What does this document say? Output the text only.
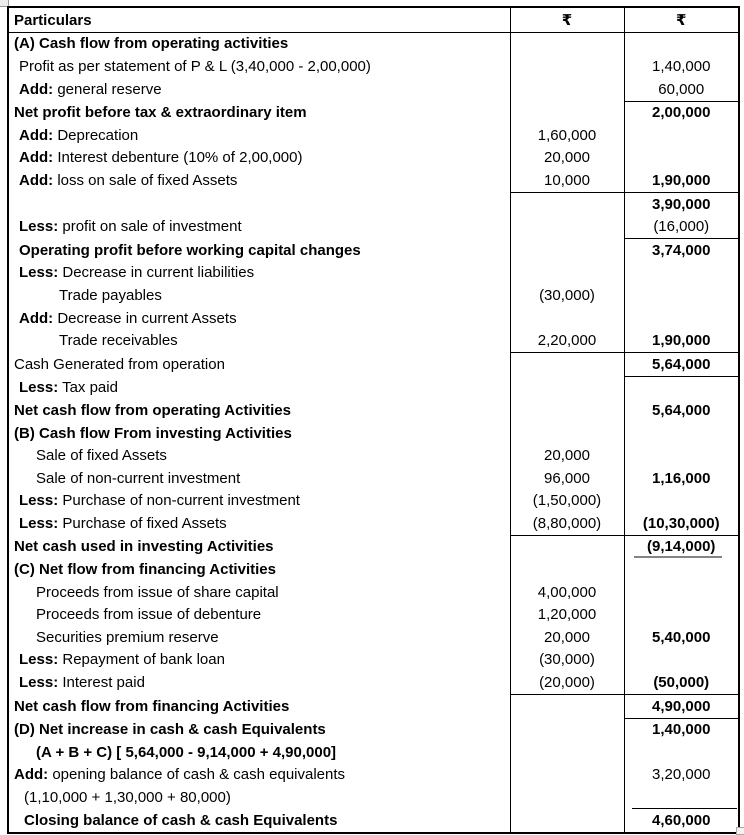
Particulars	₹	₹
(A) Cash flow from operating activities		
Profit as per statement of P & L (3,40,000 - 2,00,000)		1,40,000
Add: general reserve		60,000
Net profit before tax & extraordinary item		2,00,000
Add: Deprecation	1,60,000	
Add: Interest debenture (10% of 2,00,000)	20,000	
Add: loss on sale of fixed Assets	10,000	1,90,000
		3,90,000
Less: profit on sale of investment		(16,000)
Operating profit before working capital changes		3,74,000
Less: Decrease in current liabilities		
Trade payables	(30,000)	
Add: Decrease in current Assets		
Trade receivables	2,20,000	1,90,000
Cash Generated from operation		5,64,000
Less: Tax paid		
Net cash flow from operating Activities		5,64,000
(B) Cash flow From investing Activities		
Sale of fixed Assets	20,000	
Sale of non-current investment	96,000	1,16,000
Less: Purchase of non-current investment	(1,50,000)	
Less: Purchase of fixed Assets	(8,80,000)	(10,30,000)
Net cash used in investing Activities		(9,14,000)
(C) Net flow from financing Activities		
Proceeds from issue of share capital	4,00,000	
Proceeds from issue of debenture	1,20,000	
Securities premium reserve	20,000	5,40,000
Less: Repayment of bank loan	(30,000)	
Less: Interest paid	(20,000)	(50,000)
Net cash flow from financing Activities		4,90,000
(D) Net increase in cash & cash Equivalents		1,40,000
(A + B + C) [ 5,64,000 - 9,14,000 + 4,90,000]		
Add: opening balance of cash & cash equivalents		3,20,000
(1,10,000 + 1,30,000 + 80,000)		
Closing balance of cash & cash Equivalents		4,60,000
